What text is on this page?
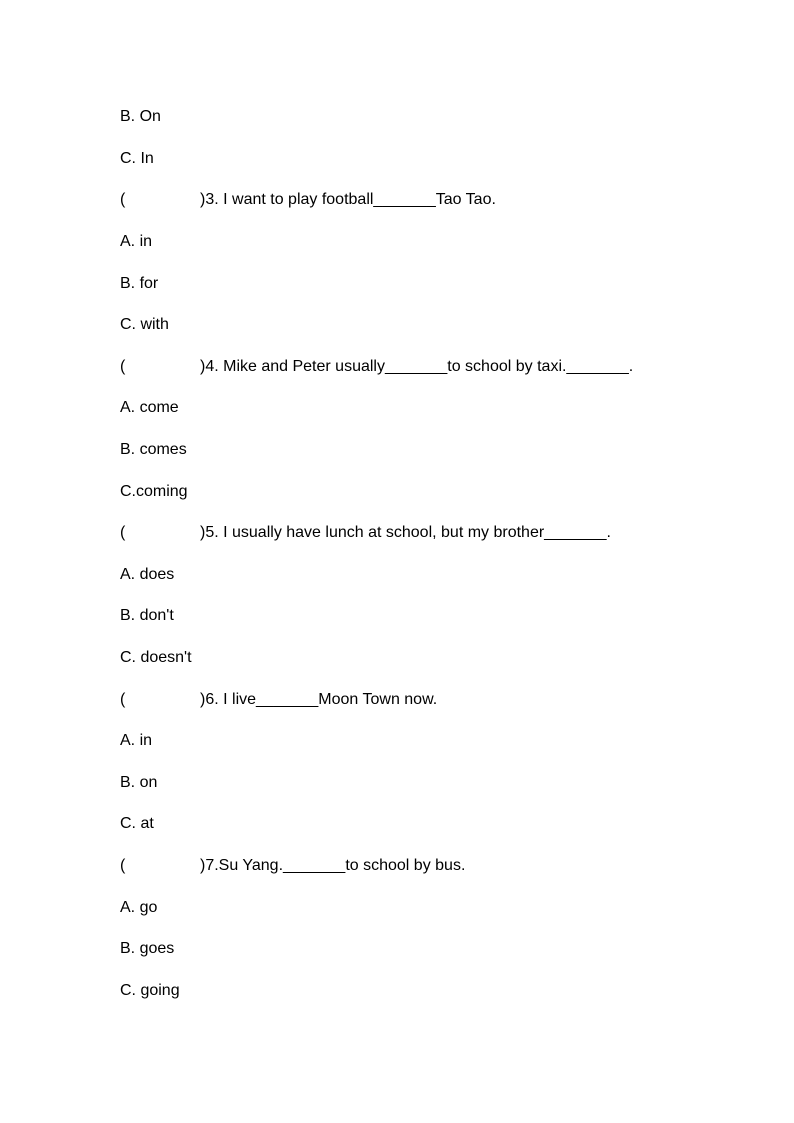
B. On
C. In

(

	)3. I want to play football_______Tao Tao.

A. in
B. for
C. with

(

	)4. Mike and Peter usually_______to school by taxi._______.

A. come
B. comes
C.coming

(

	)5. I usually have lunch at school, but my brother_______.

A. does
B. don't
C. doesn't

(

	)6. I live_______Moon Town now.

A. in
B. on
C. at

(

	)7.Su Yang._______to school by bus.

A. go
B. goes
C. going
